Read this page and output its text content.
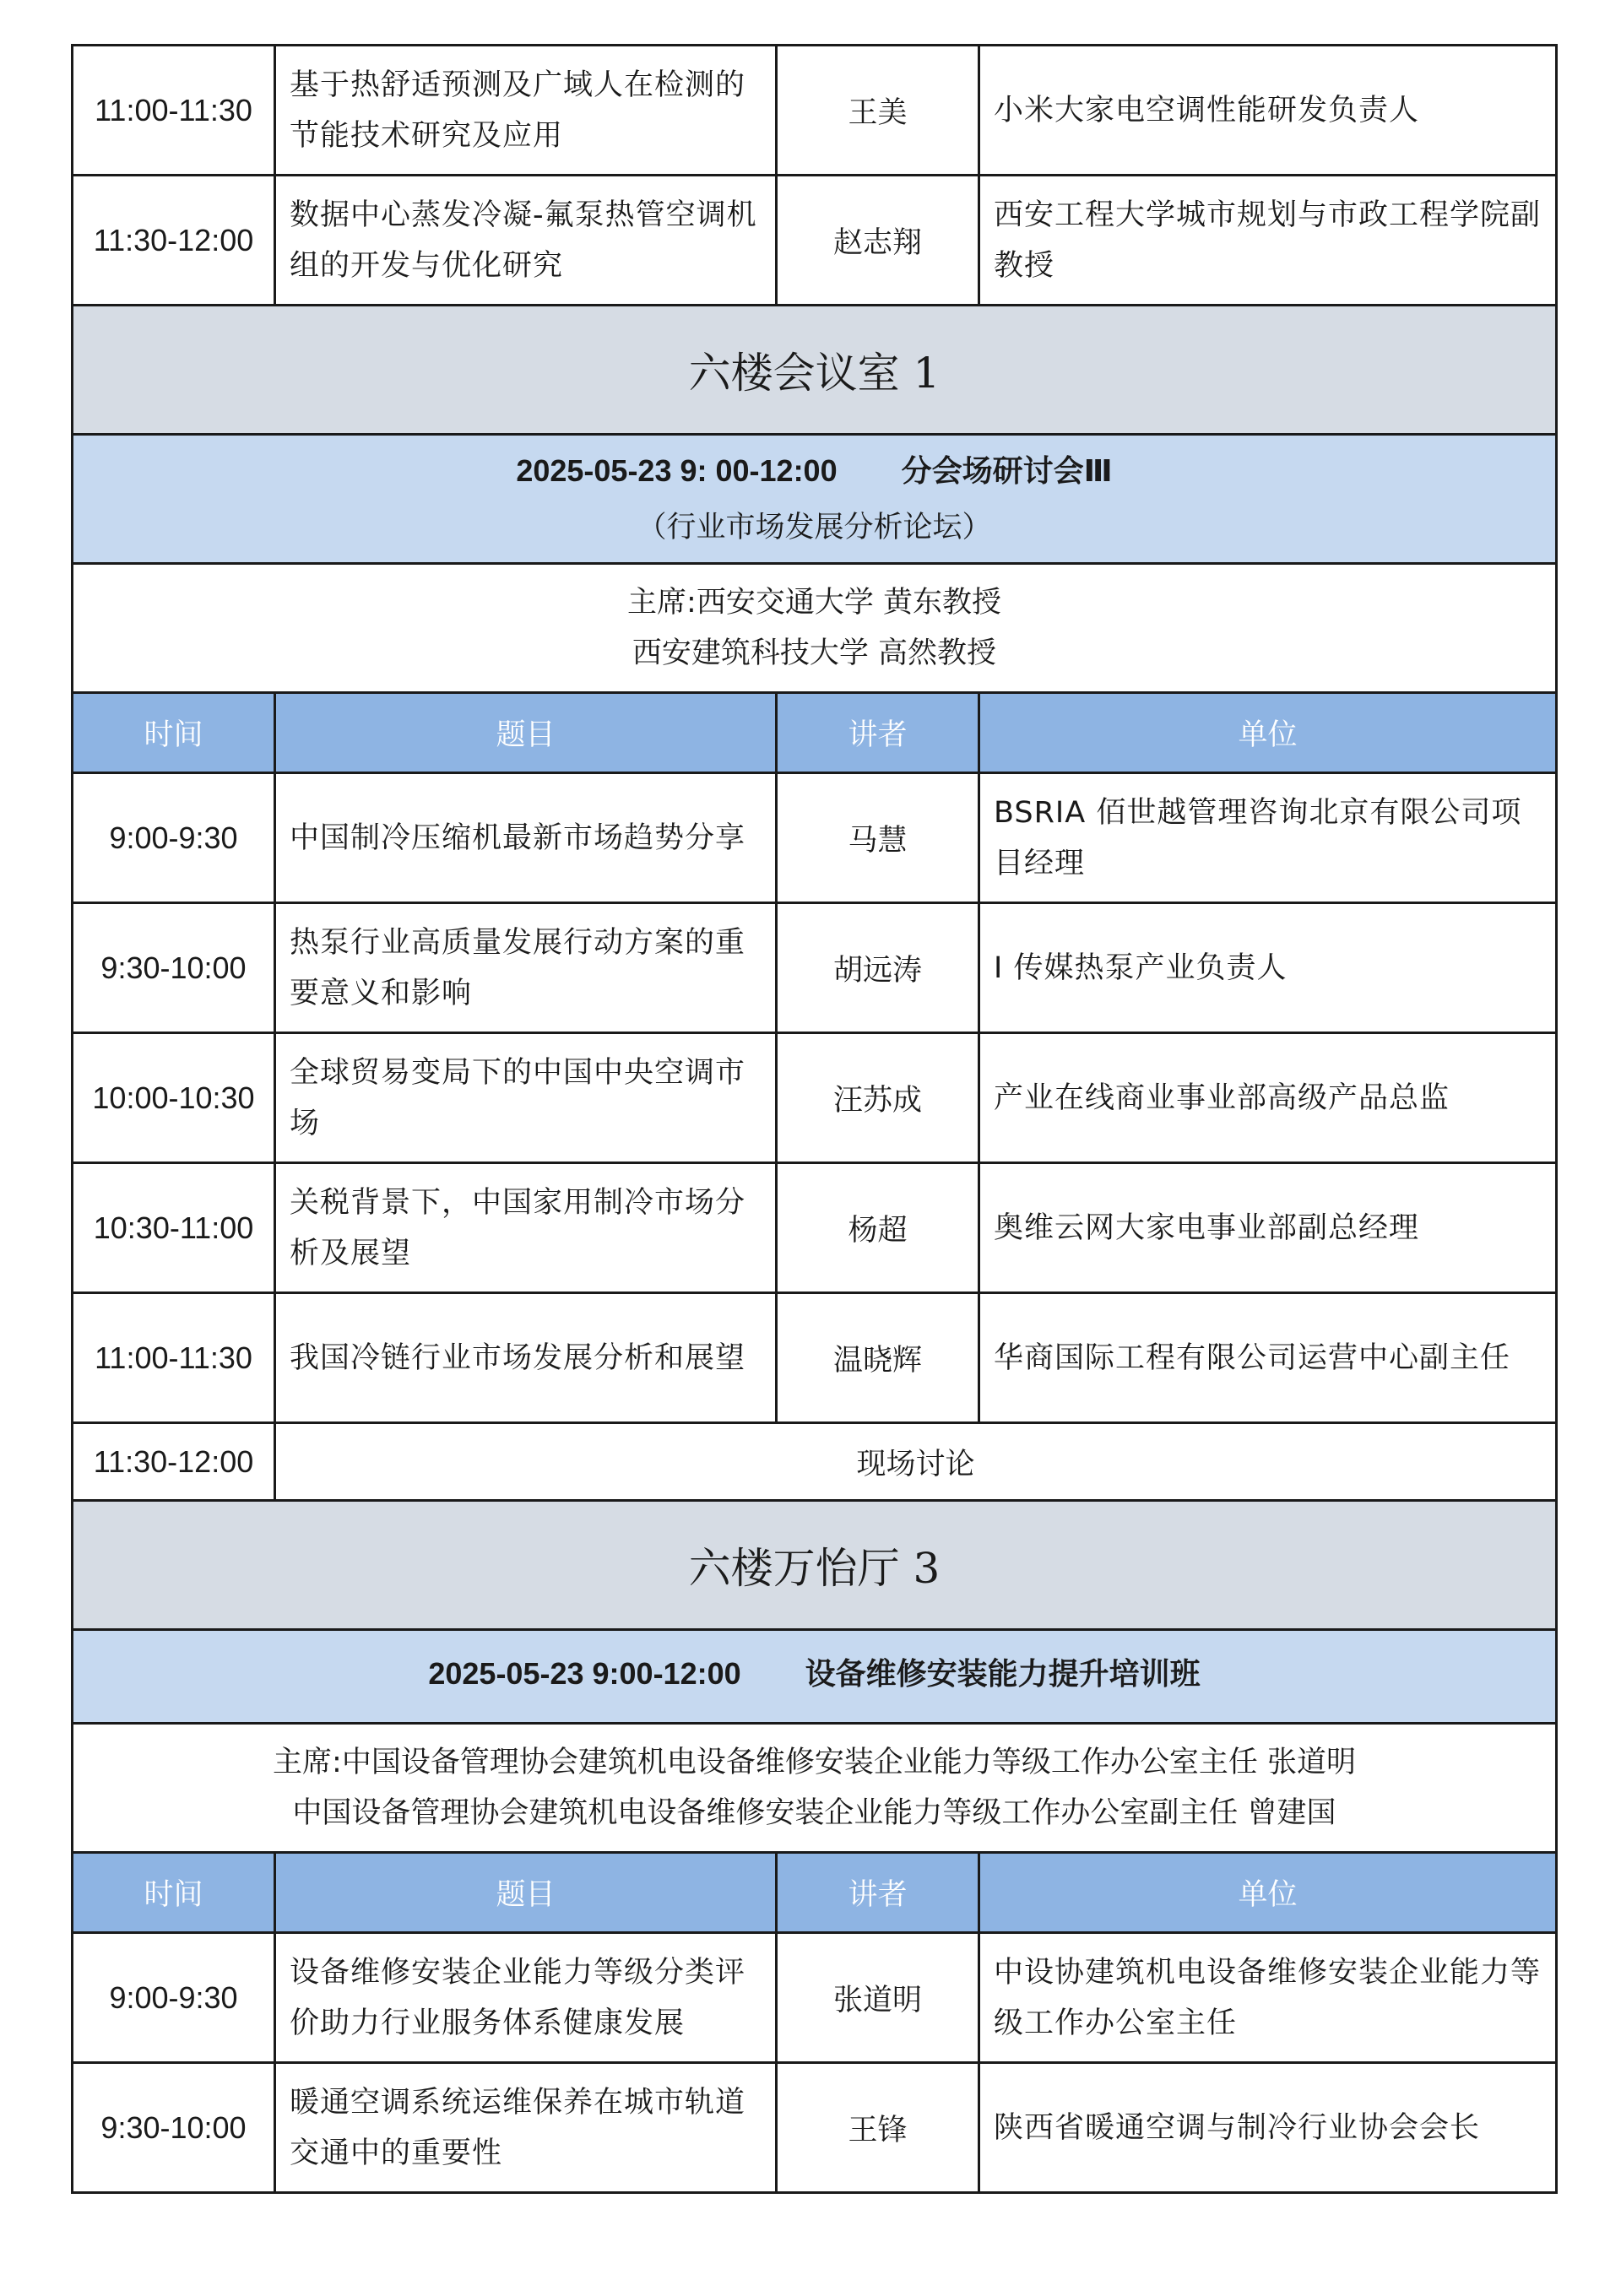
11:00-11:30	基于热舒适预测及广域人在检测的节能技术研究及应用	王美	小米大家电空调性能研发负责人
11:30-12:00	数据中心蒸发冷凝-氟泵热管空调机组的开发与优化研究	赵志翔	西安工程大学城市规划与市政工程学院副教授
六楼会议室 1			
2025-05-23 9: 00-12:00 分会场研讨会Ⅲ
（行业市场发展分析论坛）			

主席:西安交通大学 黄东教授
西安建筑科技大学 高然教授			

时间	题目	讲者	单位
9:00-9:30	中国制冷压缩机最新市场趋势分享	马慧	BSRIA 佰世越管理咨询北京有限公司项目经理
9:30-10:00	热泵行业高质量发展行动方案的重要意义和影响	胡远涛	I 传媒热泵产业负责人
10:00-10:30	全球贸易变局下的中国中央空调市场	汪苏成	产业在线商业事业部高级产品总监
10:30-11:00	关税背景下，中国家用制冷市场分析及展望	杨超	奥维云网大家电事业部副总经理
11:00-11:30	我国冷链行业市场发展分析和展望	温晓辉	华商国际工程有限公司运营中心副主任
11:30-12:00	现场讨论		
六楼万怡厅 3			
2025-05-23 9:00-12:00 设备维修安装能力提升培训班			

主席:中国设备管理协会建筑机电设备维修安装企业能力等级工作办公室主任 张道明
中国设备管理协会建筑机电设备维修安装企业能力等级工作办公室副主任 曾建国			

时间	题目	讲者	单位
9:00-9:30	设备维修安装企业能力等级分类评价助力行业服务体系健康发展	张道明	中设协建筑机电设备维修安装企业能力等级工作办公室主任
9:30-10:00	暖通空调系统运维保养在城市轨道交通中的重要性	王锋	陕西省暖通空调与制冷行业协会会长
